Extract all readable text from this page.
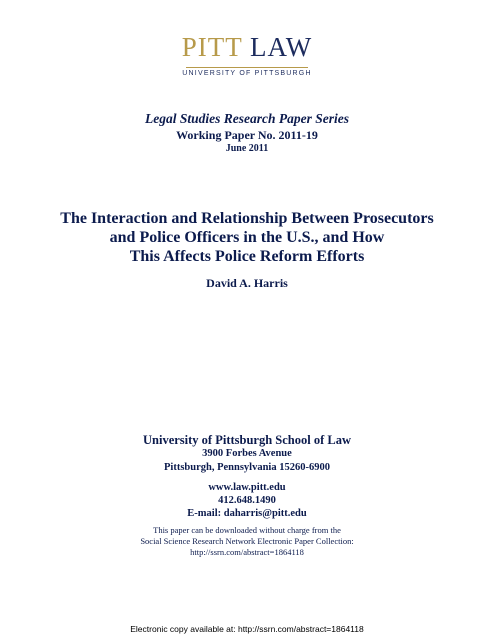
PITT LAW
UNIVERSITY OF PITTSBURGH
Legal Studies Research Paper Series
Working Paper No. 2011-19
June 2011
The Interaction and Relationship Between Prosecutors
and Police Officers in the U.S., and How
This Affects Police Reform Efforts
David A. Harris
University of Pittsburgh School of Law
3900 Forbes Avenue
Pittsburgh, Pennsylvania 15260-6900
www.law.pitt.edu
412.648.1490
E-mail: daharris@pitt.edu
This paper can be downloaded without charge from the
Social Science Research Network Electronic Paper Collection:
http://ssrn.com/abstract=1864118
Electronic copy available at: http://ssrn.com/abstract=1864118
